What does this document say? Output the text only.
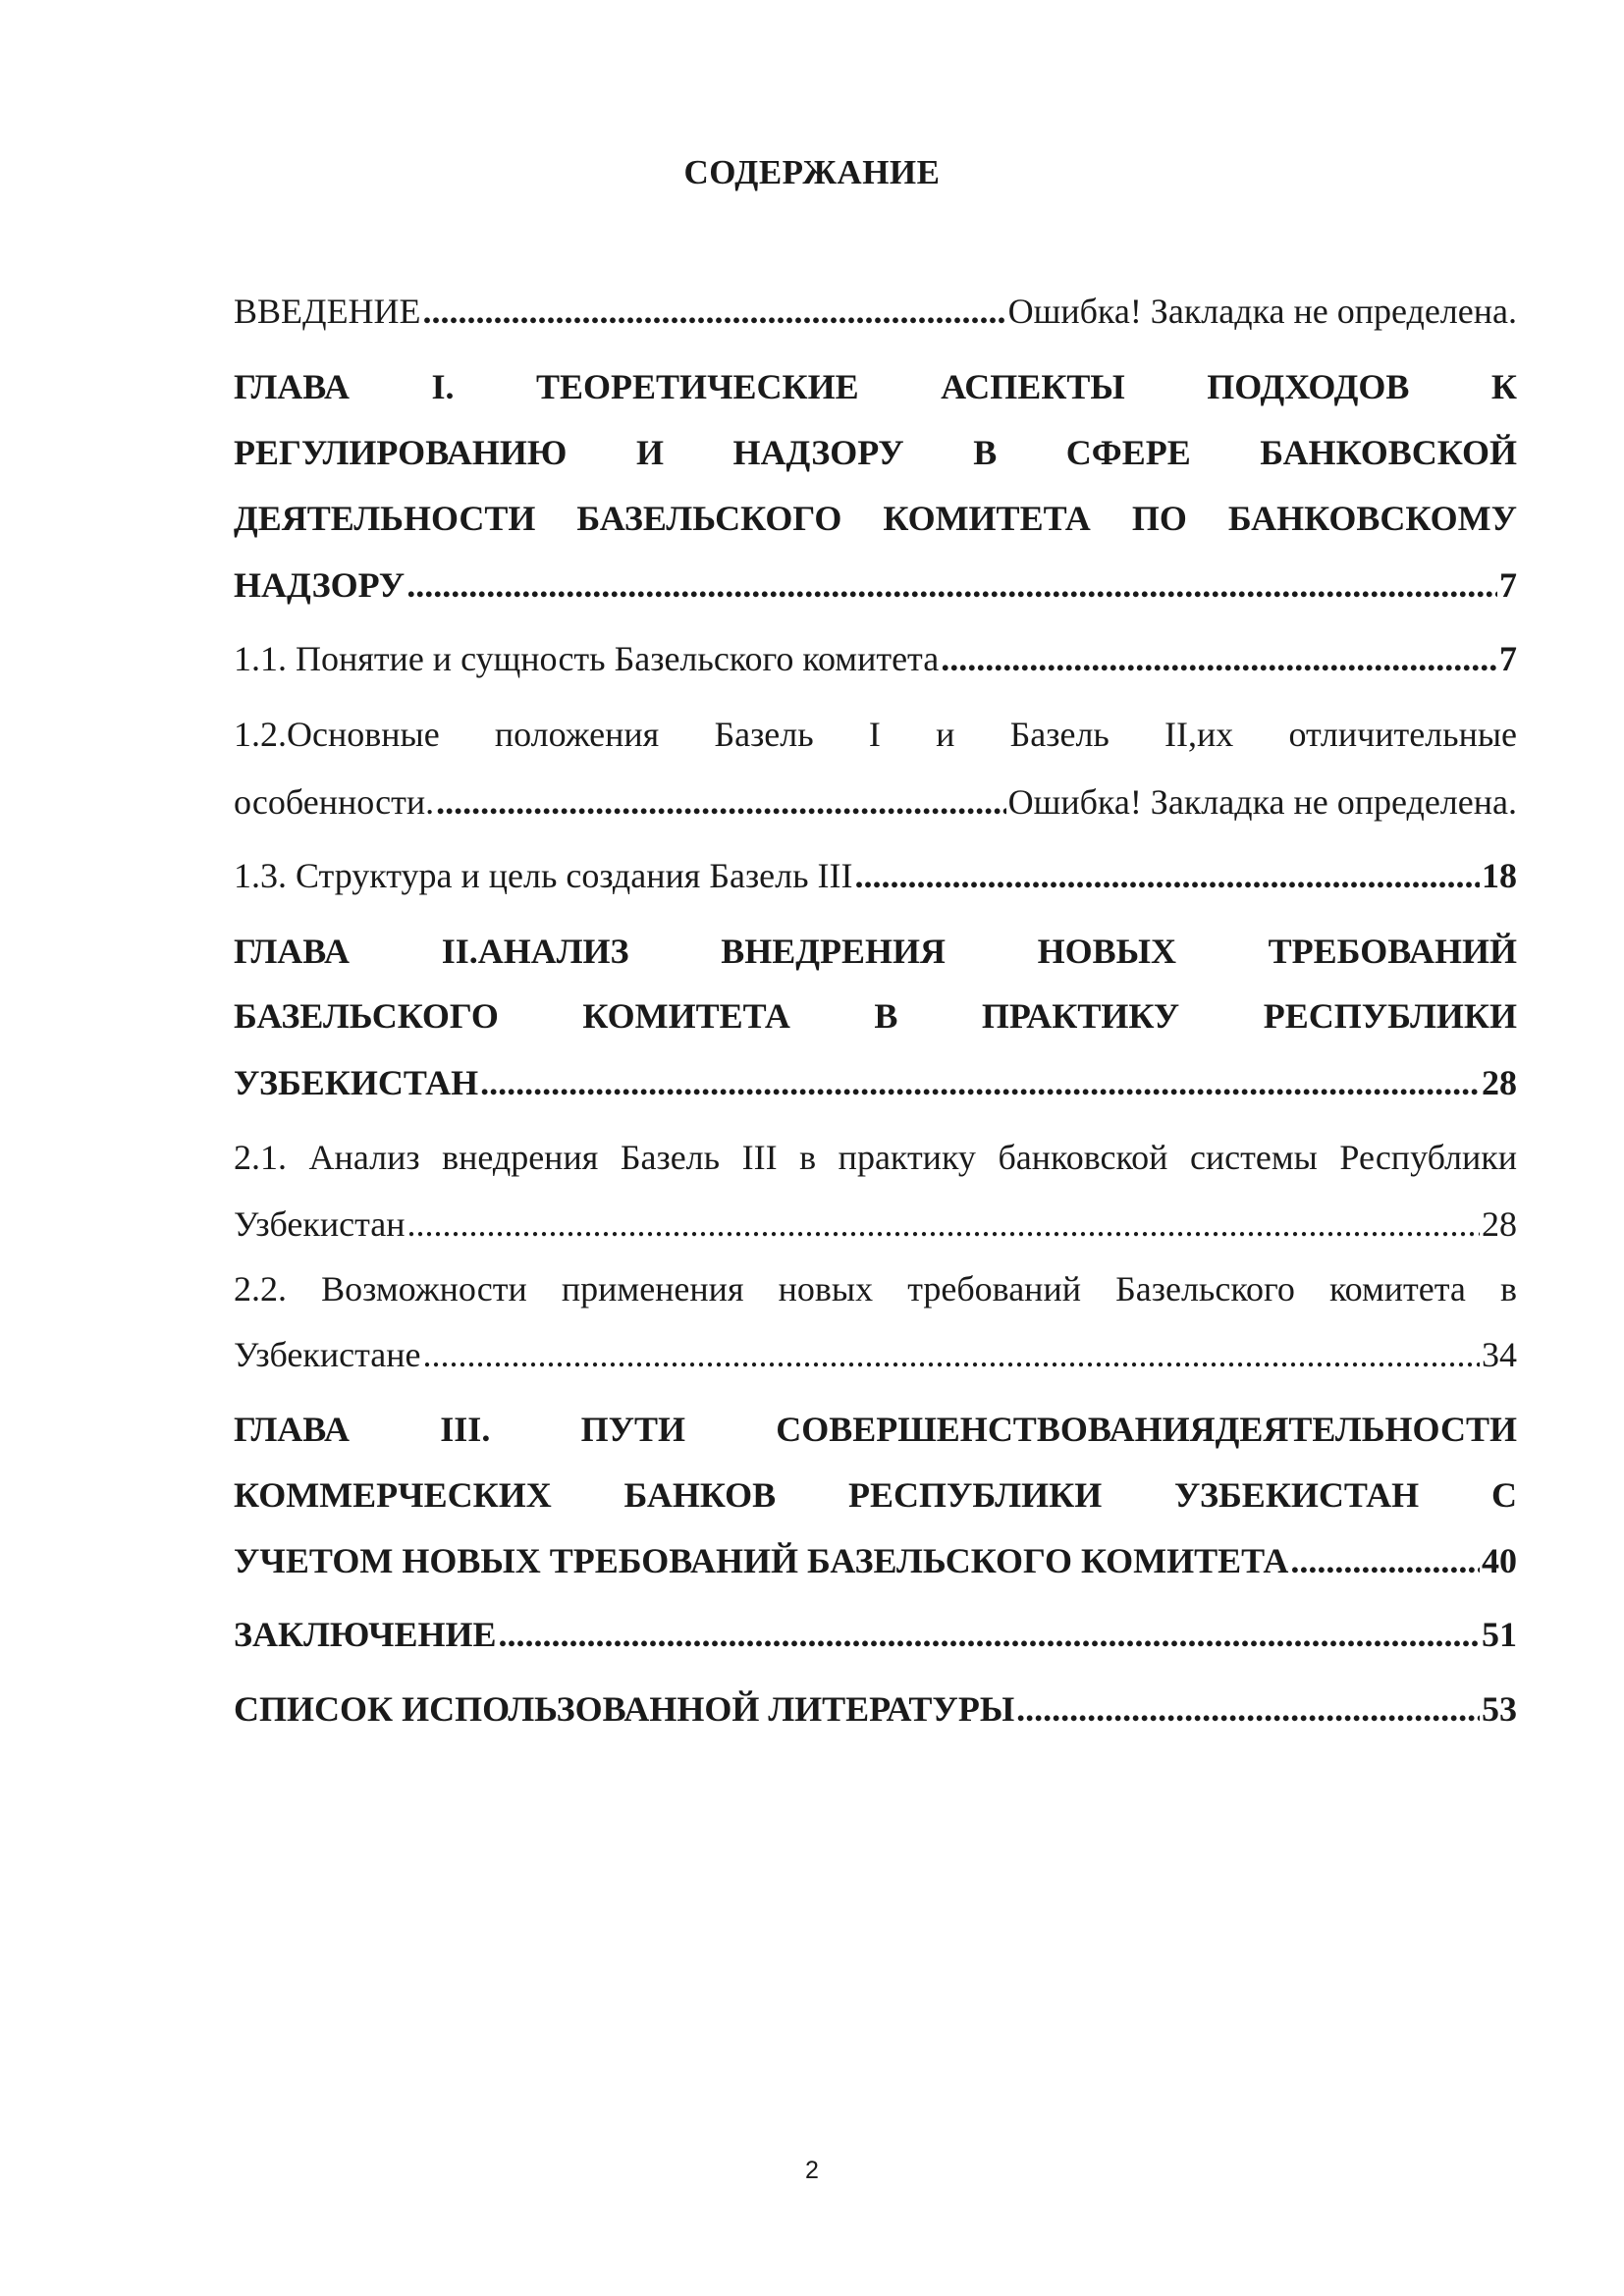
СОДЕРЖАНИЕ
ВВЕДЕНИЕ .....	Ошибка! Закладка не определена.
ГЛАВА I. ТЕОРЕТИЧЕСКИЕ АСПЕКТЫ ПОДХОДОВ К
РЕГУЛИРОВАНИЮ И НАДЗОРУ В СФЕРЕ БАНКОВСКОЙ
ДЕЯТЕЛЬНОСТИ БАЗЕЛЬСКОГО КОМИТЕТА ПО БАНКОВСКОМУ
НАДЗОРУ .....	7
1.1. Понятие и сущность Базельского комитета .....	7
1.2.Основные положения Базель I и Базель II,их отличительные
особенности. .....	Ошибка! Закладка не определена.
1.3. Структура и цель создания Базель III .....	18
ГЛАВА II.АНАЛИЗ ВНЕДРЕНИЯ НОВЫХ ТРЕБОВАНИЙ
БАЗЕЛЬСКОГО КОМИТЕТА В ПРАКТИКУ РЕСПУБЛИКИ
УЗБЕКИСТАН .....	28
2.1. Анализ внедрения Базель III в практику банковской системы Республики
Узбекистан .....	28
2.2. Возможности применения новых требований Базельского комитета в
Узбекистане .....	34
ГЛАВА III. ПУТИ СОВЕРШЕНСТВОВАНИЯДЕЯТЕЛЬНОСТИ
КОММЕРЧЕСКИХ БАНКОВ РЕСПУБЛИКИ УЗБЕКИСТАН С
УЧЕТОМ НОВЫХ ТРЕБОВАНИЙ БАЗЕЛЬСКОГО КОМИТЕТА .....	40
ЗАКЛЮЧЕНИЕ .....	51
СПИСОК ИСПОЛЬЗОВАННОЙ ЛИТЕРАТУРЫ .....	53
2
